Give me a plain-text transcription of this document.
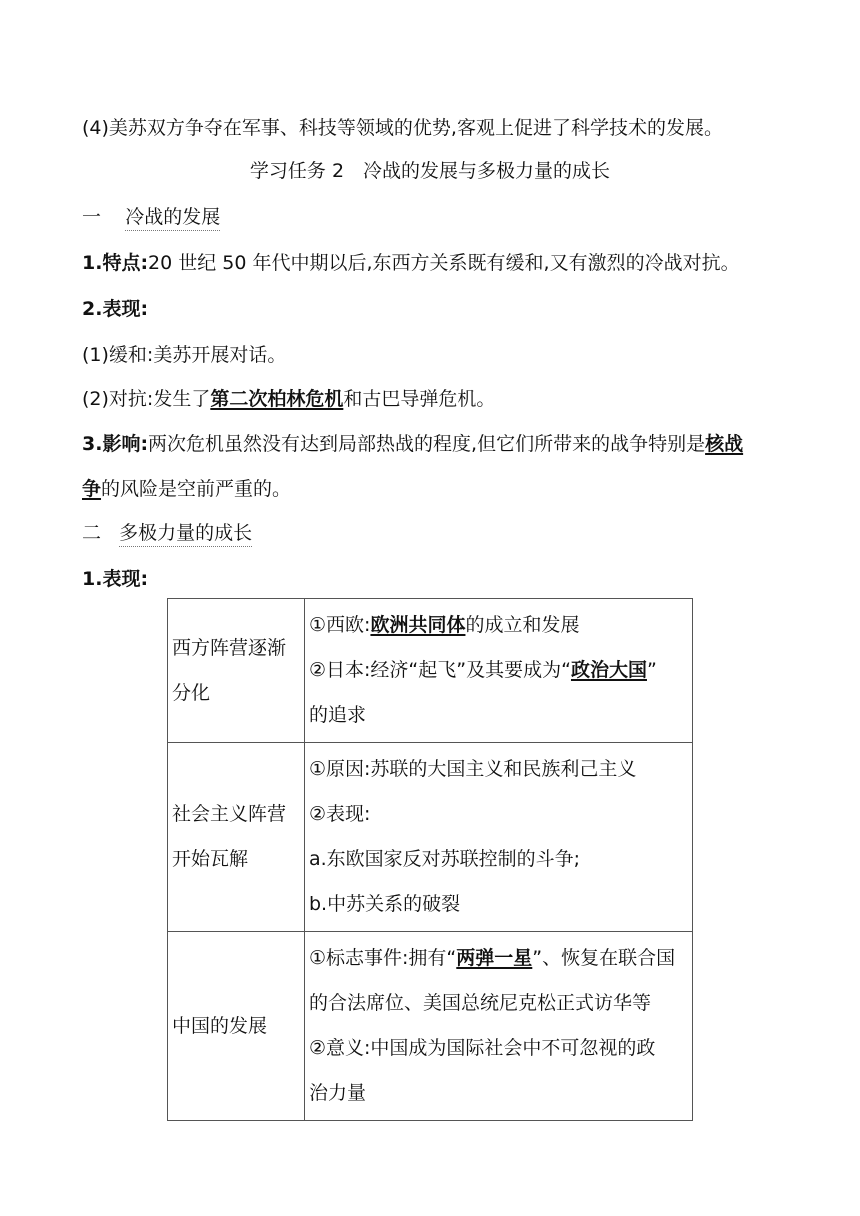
(4)美苏双方争夺在军事、科技等领域的优势,客观上促进了科学技术的发展。
学习任务 2　冷战的发展与多极力量的成长
一 冷战的发展
1.特点:20 世纪 50 年代中期以后,东西方关系既有缓和,又有激烈的冷战对抗。
2.表现:
(1)缓和:美苏开展对话。
(2)对抗:发生了第二次柏林危机和古巴导弹危机。
3.影响:两次危机虽然没有达到局部热战的程度,但它们所带来的战争特别是核战
争的风险是空前严重的。
二 多极力量的成长
1.表现:
西方阵营逐渐分化	①西欧:欧洲共同体的成立和发展
②日本:经济“起飞”及其要成为“政治大国”
的追求

社会主义阵营开始瓦解	①原因:苏联的大国主义和民族利己主义
②表现:
a.东欧国家反对苏联控制的斗争;
b.中苏关系的破裂

中国的发展	①标志事件:拥有“两弹一星”、恢复在联合国
的合法席位、美国总统尼克松正式访华等
②意义:中国成为国际社会中不可忽视的政
治力量
